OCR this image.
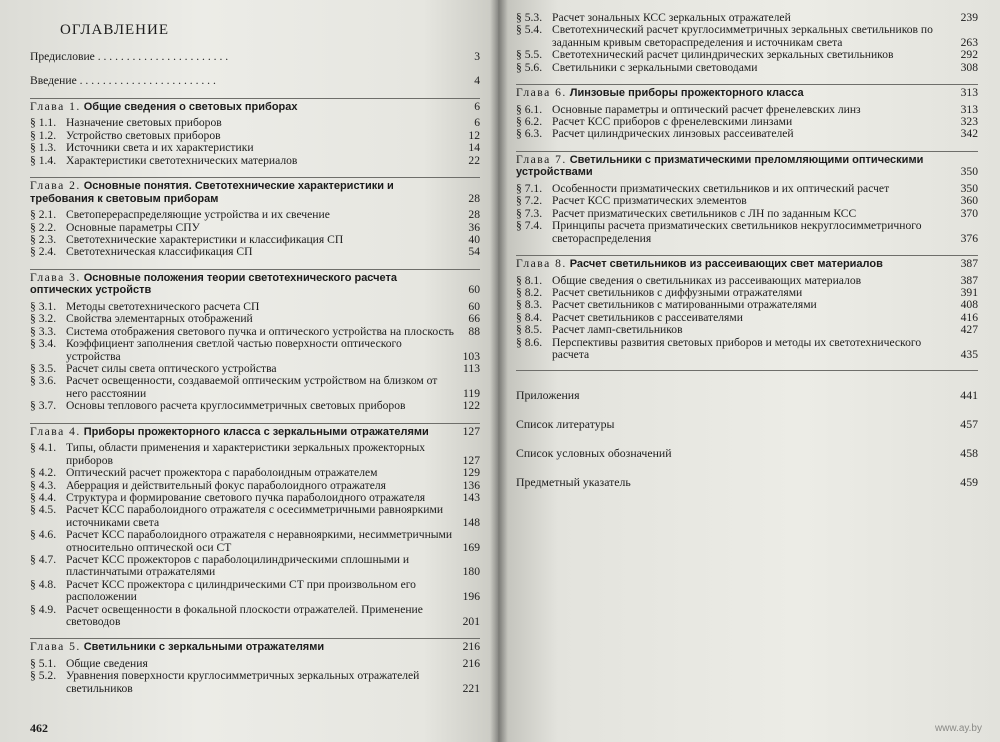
ОГЛАВЛЕНИЕ
Предисловие . . . . . . . . . . . . . . . . . . . . . . .	3
Введение . . . . . . . . . . . . . . . . . . . . . . . .	4
Глава 1. Общие сведения о световых приборах	6
§ 1.1. Назначение световых приборов	6
§ 1.2. Устройство световых приборов	12
§ 1.3. Источники света и их характеристики	14
§ 1.4. Характеристики светотехнических материалов	22
Глава 2. Основные понятия. Светотехнические характеристики и требования к световым приборам	28
§ 2.1. Светоперераспределяющие устройства и их свечение	28
§ 2.2. Основные параметры СПУ	36
§ 2.3. Светотехнические характеристики и классификация СП	40
§ 2.4. Светотехническая классификация СП	54
Глава 3. Основные положения теории светотехнического расчета оптических устройств	60
§ 3.1. Методы светотехнического расчета СП	60
§ 3.2. Свойства элементарных отображений	66
§ 3.3. Система отображения светового пучка и оптического устройства на плоскость	88
§ 3.4. Коэффициент заполнения светлой частью поверхности оптического устройства	103
§ 3.5. Расчет силы света оптического устройства	113
§ 3.6. Расчет освещенности, создаваемой оптическим устройством на близком от него расстоянии	119
§ 3.7. Основы теплового расчета круглосимметричных световых приборов	122
Глава 4. Приборы прожекторного класса с зеркальными отражателями	127
§ 4.1. Типы, области применения и характеристики зеркальных прожекторных приборов	127
§ 4.2. Оптический расчет прожектора с параболоидным отражателем	129
§ 4.3. Аберрация и действительный фокус параболоидного отражателя	136
§ 4.4. Структура и формирование светового пучка параболоидного отражателя	143
§ 4.5. Расчет КСС параболоидного отражателя с осесимметричными равнояркими источниками света	148
§ 4.6. Расчет КСС параболоидного отражателя с неравнояркими, несимметричными относительно оптической оси СТ	169
§ 4.7. Расчет КСС прожекторов с параболоцилиндрическими сплошными и пластинчатыми отражателями	180
§ 4.8. Расчет КСС прожектора с цилиндрическими СТ при произвольном его расположении	196
§ 4.9. Расчет освещенности в фокальной плоскости отражателей. Применение световодов	201
Глава 5. Светильники с зеркальными отражателями	216
§ 5.1. Общие сведения	216
§ 5.2. Уравнения поверхности круглосимметричных зеркальных отражателей светильников	221
462
§ 5.3. Расчет зональных КСС зеркальных отражателей	239
§ 5.4. Светотехнический расчет круглосимметричных зеркальных светильников по заданным кривым светораспределения и источникам света	263
§ 5.5. Светотехнический расчет цилиндрических зеркальных светильников	292
§ 5.6. Светильники с зеркальными световодами	308
Глава 6. Линзовые приборы прожекторного класса	313
§ 6.1. Основные параметры и оптический расчет френелевских линз	313
§ 6.2. Расчет КСС приборов с френелевскими линзами	323
§ 6.3. Расчет цилиндрических линзовых рассеивателей	342
Глава 7. Светильники с призматическими преломляющими оптическими устройствами	350
§ 7.1. Особенности призматических светильников и их оптический расчет	350
§ 7.2. Расчет КСС призматических элементов	360
§ 7.3. Расчет призматических светильников с ЛН по заданным КСС	370
§ 7.4. Принципы расчета призматических светильников некруглосимметричного светораспределения	376
Глава 8. Расчет светильников из рассеивающих свет материалов	387
§ 8.1. Общие сведения о светильниках из рассеивающих материалов	387
§ 8.2. Расчет светильников с диффузными отражателями	391
§ 8.3. Расчет светильников с матированными отражателями	408
§ 8.4. Расчет светильников с рассеивателями	416
§ 8.5. Расчет ламп-светильников	427
§ 8.6. Перспективы развития световых приборов и методы их светотехнического расчета	435
Приложения	441
Список литературы	457
Список условных обозначений	458
Предметный указатель	459
www.ay.by
